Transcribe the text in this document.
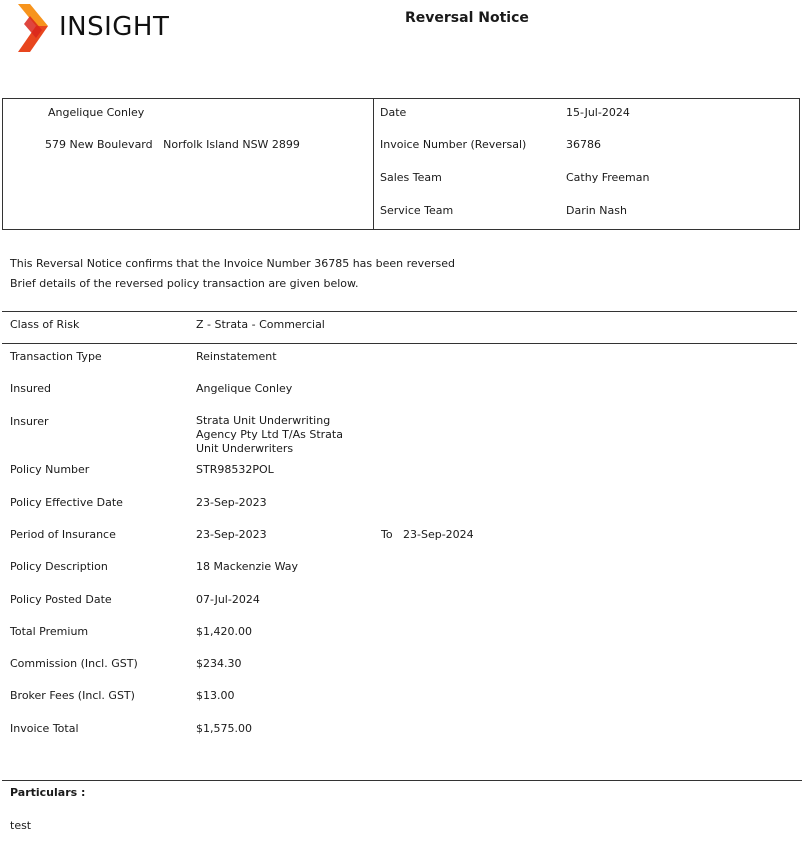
INSIGHT	Reversal Notice
Angelique Conley
579 New Boulevard   Norfolk Island NSW 2899
Date	15-Jul-2024
Invoice Number (Reversal)	36786
Sales Team	Cathy Freeman
Service Team	Darin Nash
This Reversal Notice confirms that the Invoice Number 36785 has been reversed
Brief details of the reversed policy transaction are given below.
Class of Risk	Z - Strata - Commercial
Transaction Type	Reinstatement
Insured	Angelique Conley
Insurer	Strata Unit Underwriting Agency Pty Ltd T/As Strata Unit Underwriters
Policy Number	STR98532POL
Policy Effective Date	23-Sep-2023
Period of Insurance	23-Sep-2023	To 23-Sep-2024
Policy Description	18 Mackenzie Way
Policy Posted Date	07-Jul-2024
Total Premium	$1,420.00
Commission (Incl. GST)	$234.30
Broker Fees (Incl. GST)	$13.00
Invoice Total	$1,575.00
Particulars :
test
